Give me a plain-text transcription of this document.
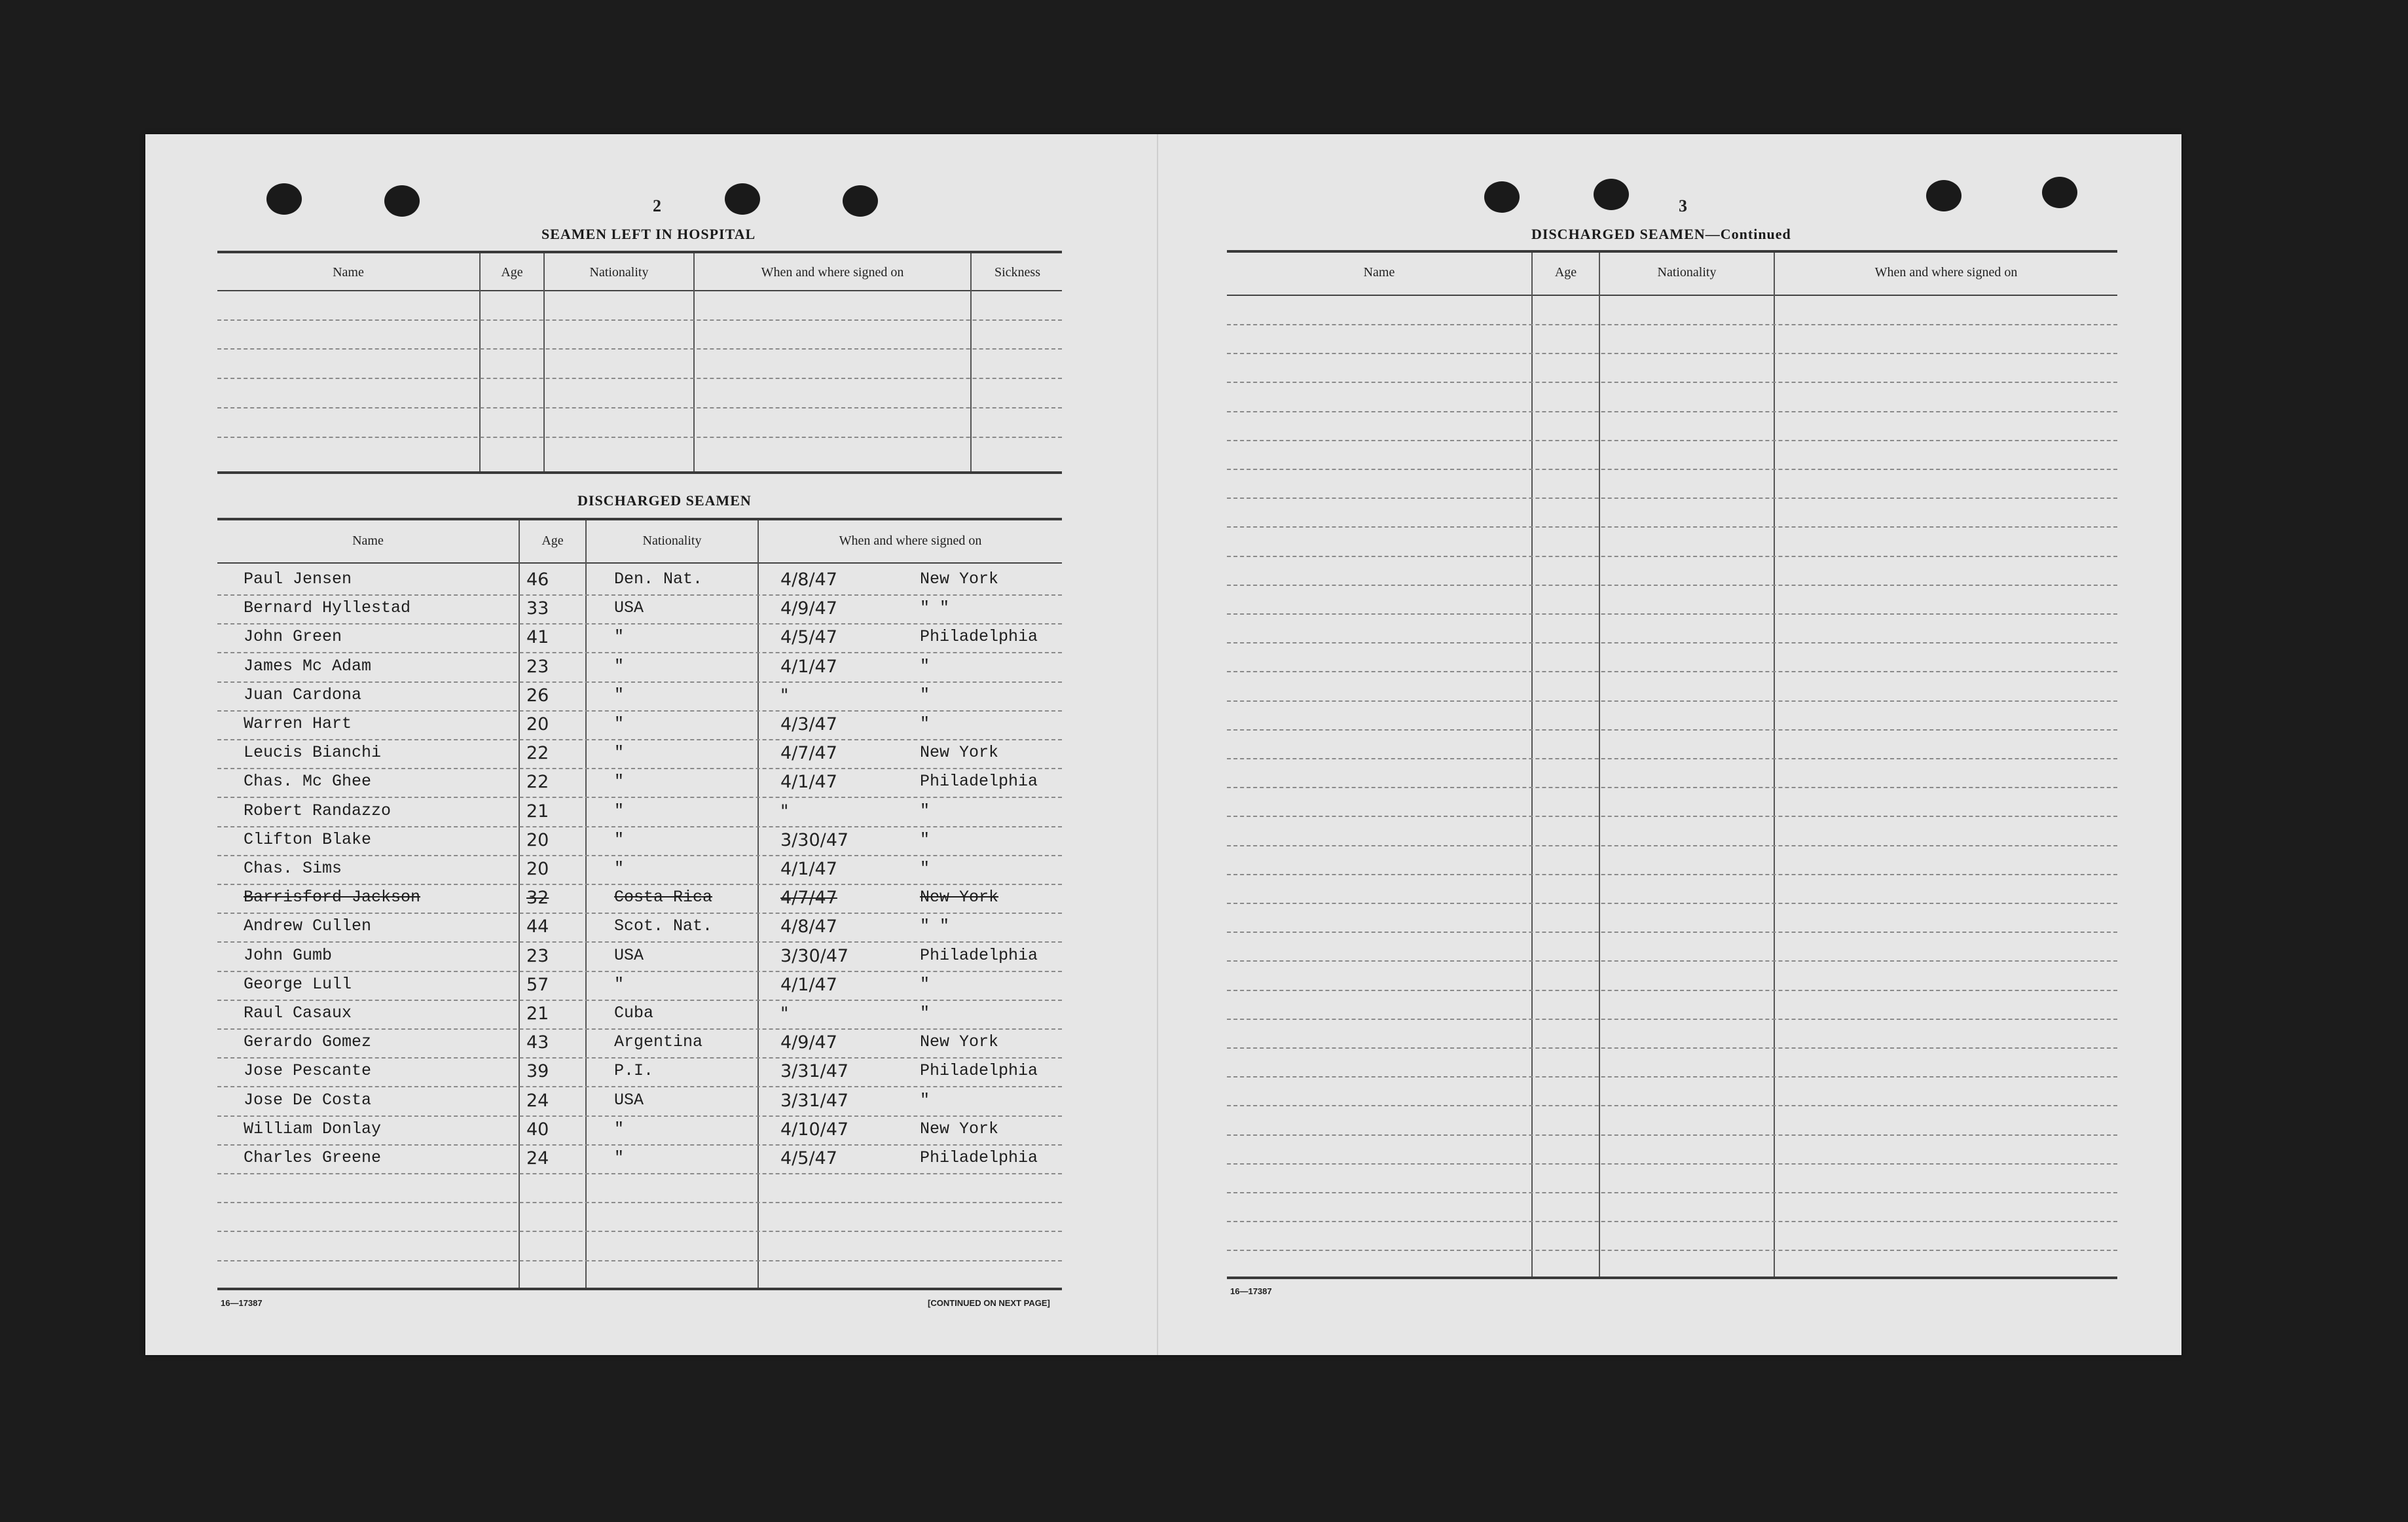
2
SEAMEN LEFT IN HOSPITAL
Name	Age	Nationality	When and where signed on	Sickness
DISCHARGED SEAMEN
Name	Age	Nationality	When and where signed on
Paul Jensen	46	Den. Nat.	4/8/47	New York
Bernard Hyllestad	33	USA	4/9/47	" "
John Green	41	"	4/5/47	Philadelphia
James Mc Adam	23	"	4/1/47	"
Juan Cardona	26	"	"	"
Warren Hart	20	"	4/3/47	"
Leucis Bianchi	22	"	4/7/47	New York
Chas. Mc Ghee	22	"	4/1/47	Philadelphia
Robert Randazzo	21	"	"	"
Clifton Blake	20	"	3/30/47	"
Chas. Sims	20	"	4/1/47	"
Barrisford Jackson	32	Costa Rica	4/7/47	New York
Andrew Cullen	44	Scot. Nat.	4/8/47	" "
John Gumb	23	USA	3/30/47	Philadelphia
George Lull	57	"	4/1/47	"
Raul Casaux	21	Cuba	"	"
Gerardo Gomez	43	Argentina	4/9/47	New York
Jose Pescante	39	P.I.	3/31/47	Philadelphia
Jose De Costa	24	USA	3/31/47	"
William Donlay	40	"	4/10/47	New York
Charles Greene	24	"	4/5/47	Philadelphia
16—17387	[CONTINUED ON NEXT PAGE]
3
DISCHARGED SEAMEN—Continued
Name	Age	Nationality	When and where signed on
16—17387
